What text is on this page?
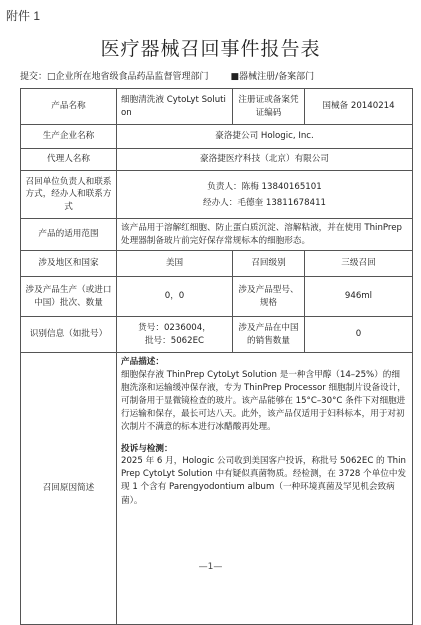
附件 1
医疗器械召回事件报告表
提交：□企业所在地省级食品药品监督管理部门 ■器械注册/备案部门
产品名称	细胞清洗液 CytoLyt Solution	注册证或备案凭证编码	国械备 20140214
生产企业名称	豪洛捷公司 Hologic, Inc.		
代理人名称	豪洛捷医疗科技（北京）有限公司		
召回单位负责人和联系方式，经办人和联系方式	负责人：陈梅 13840165101
经办人：毛德奎 13811678411		

产品的适用范围	该产品用于溶解红细胞、防止蛋白质沉淀、溶解粘液，并在使用 ThinPrep 处理器制备玻片前完好保存常规标本的细胞形态。		
涉及地区和国家	美国	召回级别	三级召回
涉及产品生产（或进口中国）批次、数量	0，0	涉及产品型号、规格	946ml
识别信息（如批号）	货号：0236004，
批号：5062EC	涉及产品在中国的销售数量	0
召回原因简述	产品描述：
细胞保存液 ThinPrep CytoLyt Solution 是一种含甲醇（14–25%）的细胞洗涤和运输缓冲保存液，专为 ThinPrep Processor 细胞制片设备设计，可制备用于显微镜检查的玻片。该产品能够在 15°C–30°C 条件下对细胞进行运输和保存，最长可达八天。此外，该产品仅适用于妇科标本，用于对初次制片不满意的标本进行冰醋酸再处理。
投诉与检测：
2025 年 6 月，Hologic 公司收到美国客户投诉，称批号 5062EC 的 ThinPrep CytoLyt Solution 中有疑似真菌物质。经检测，在 3728 个单位中发现 1 个含有 Parengyodontium album（一种环境真菌及罕见机会致病菌）。		
—1—
